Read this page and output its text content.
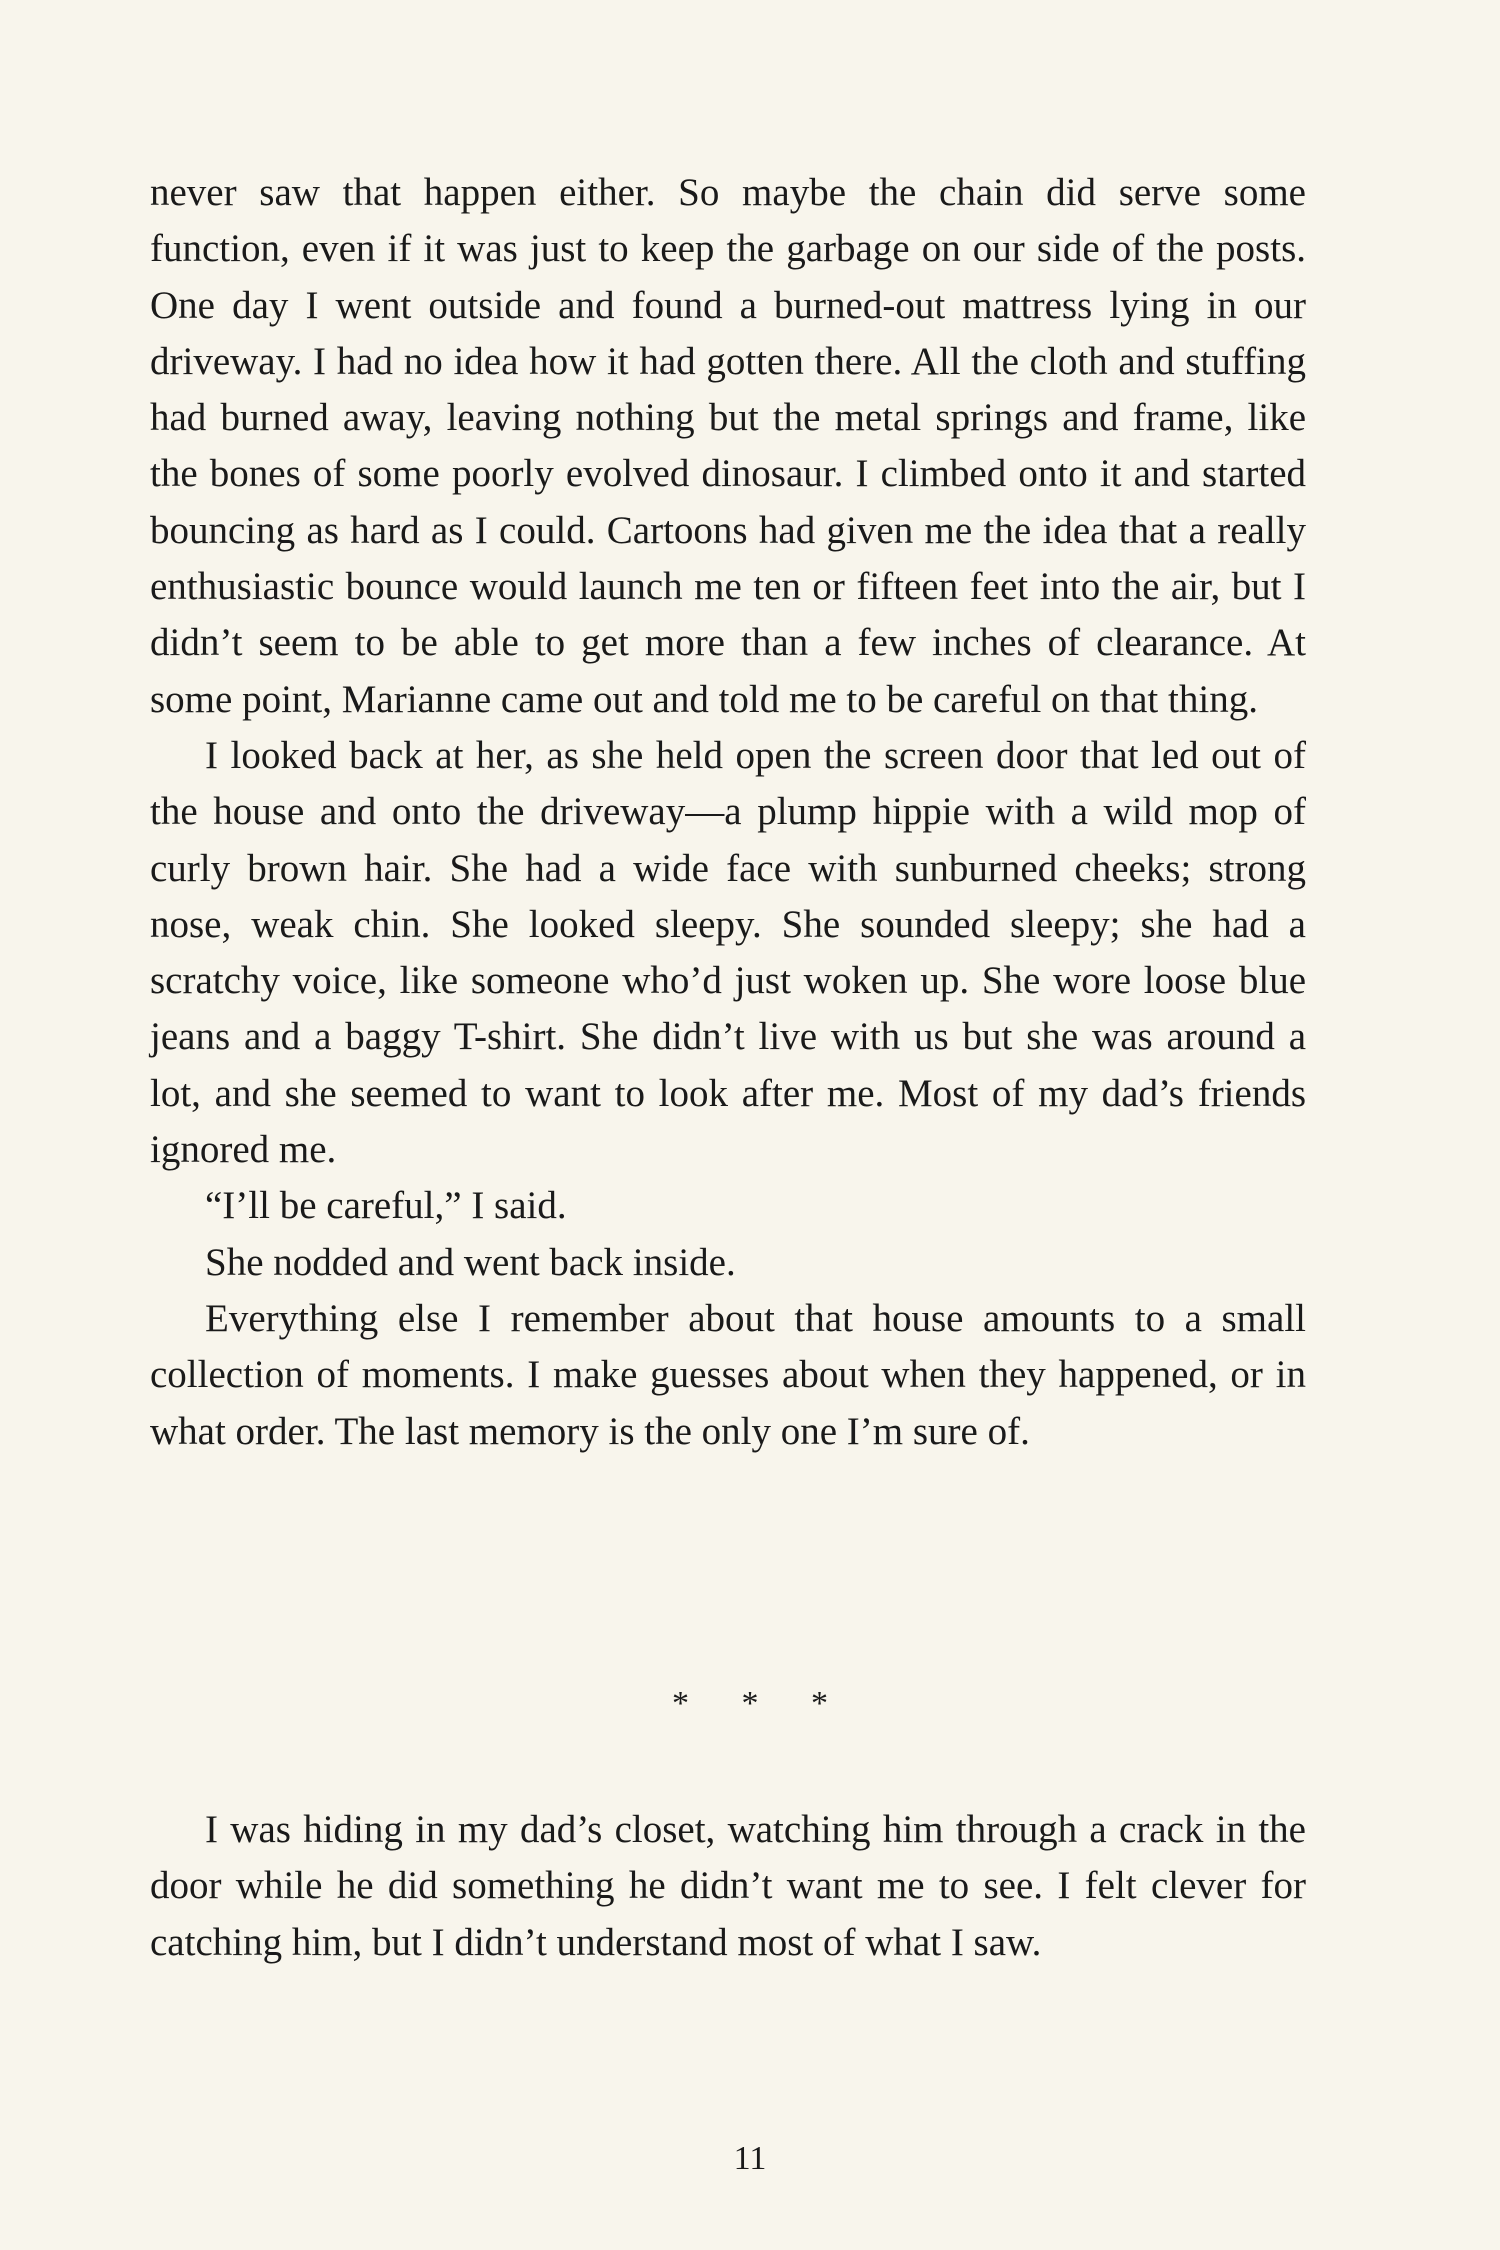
never saw that happen either. So maybe the chain did serve some function, even if it was just to keep the garbage on our side of the posts. One day I went outside and found a burned-out mattress lying in our driveway. I had no idea how it had gotten there. All the cloth and stuffing had burned away, leaving nothing but the metal springs and frame, like the bones of some poorly evolved dinosaur. I climbed onto it and started bouncing as hard as I could. Cartoons had given me the idea that a really enthusiastic bounce would launch me ten or fifteen feet into the air, but I didn’t seem to be able to get more than a few inches of clearance. At some point, Marianne came out and told me to be careful on that thing.

I looked back at her, as she held open the screen door that led out of the house and onto the driveway—a plump hippie with a wild mop of curly brown hair. She had a wide face with sunburned cheeks; strong nose, weak chin. She looked sleepy. She sounded sleepy; she had a scratchy voice, like someone who’d just woken up. She wore loose blue jeans and a baggy T-shirt. She didn’t live with us but she was around a lot, and she seemed to want to look after me. Most of my dad’s friends ignored me.

“I’ll be careful,” I said.

She nodded and went back inside.

Everything else I remember about that house amounts to a small collection of moments. I make guesses about when they happened, or in what order. The last memory is the only one I’m sure of.

* * *

I was hiding in my dad’s closet, watching him through a crack in the door while he did something he didn’t want me to see. I felt clever for catching him, but I didn’t understand most of what I saw.

11
